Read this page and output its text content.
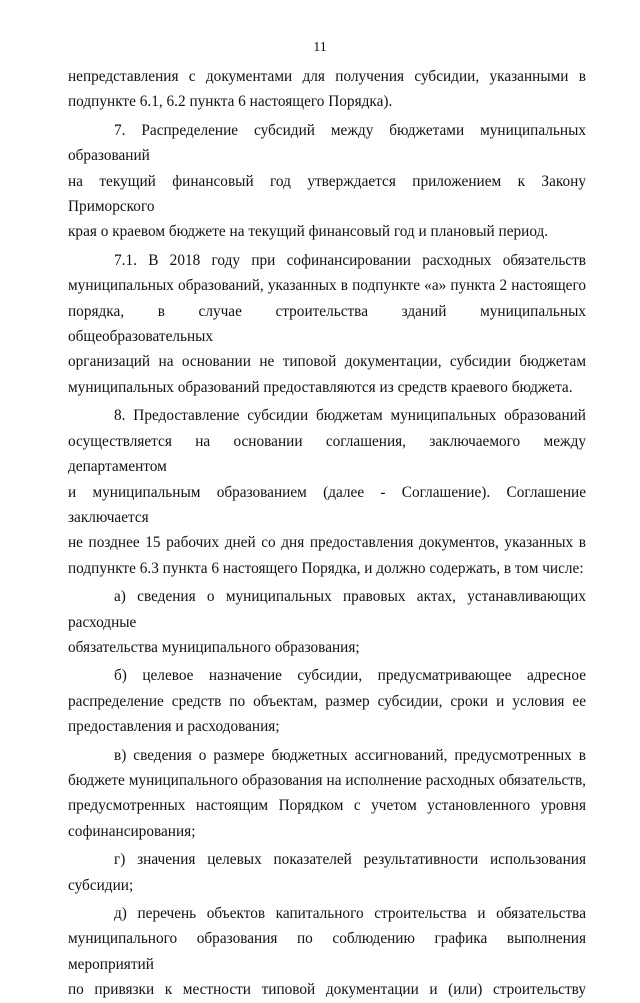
11

непредставления с документами для получения субсидии, указанными в

подпункте 6.1, 6.2 пункта 6 настоящего Порядка).

7. Распределение субсидий между бюджетами муниципальных образований

на текущий финансовый год утверждается приложением к Закону Приморского

края о краевом бюджете на текущий финансовый год и плановый период.

7.1. В 2018 году при софинансировании расходных обязательств

муниципальных образований, указанных в подпункте «а» пункта 2 настоящего

порядка, в случае строительства зданий муниципальных общеобразовательных

организаций на основании не типовой документации, субсидии бюджетам

муниципальных образований предоставляются из средств краевого бюджета.

8. Предоставление субсидии бюджетам муниципальных образований

осуществляется на основании соглашения, заключаемого между департаментом

и муниципальным образованием (далее - Соглашение). Соглашение заключается

не позднее 15 рабочих дней со дня предоставления документов, указанных в

подпункте 6.3 пункта 6 настоящего Порядка, и должно содержать, в том числе:

а) сведения о муниципальных правовых актах, устанавливающих расходные

обязательства муниципального образования;

б) целевое назначение субсидии, предусматривающее адресное

распределение средств по объектам, размер субсидии, сроки и условия ее

предоставления и расходования;

в) сведения о размере бюджетных ассигнований, предусмотренных в

бюджете муниципального образования на исполнение расходных обязательств,

предусмотренных настоящим Порядком с учетом установленного уровня

софинансирования;

г) значения целевых показателей результативности использования

субсидии;

д) перечень объектов капитального строительства и обязательства

муниципального образования по соблюдению графика выполнения мероприятий

по привязки к местности типовой документации и (или) строительству
